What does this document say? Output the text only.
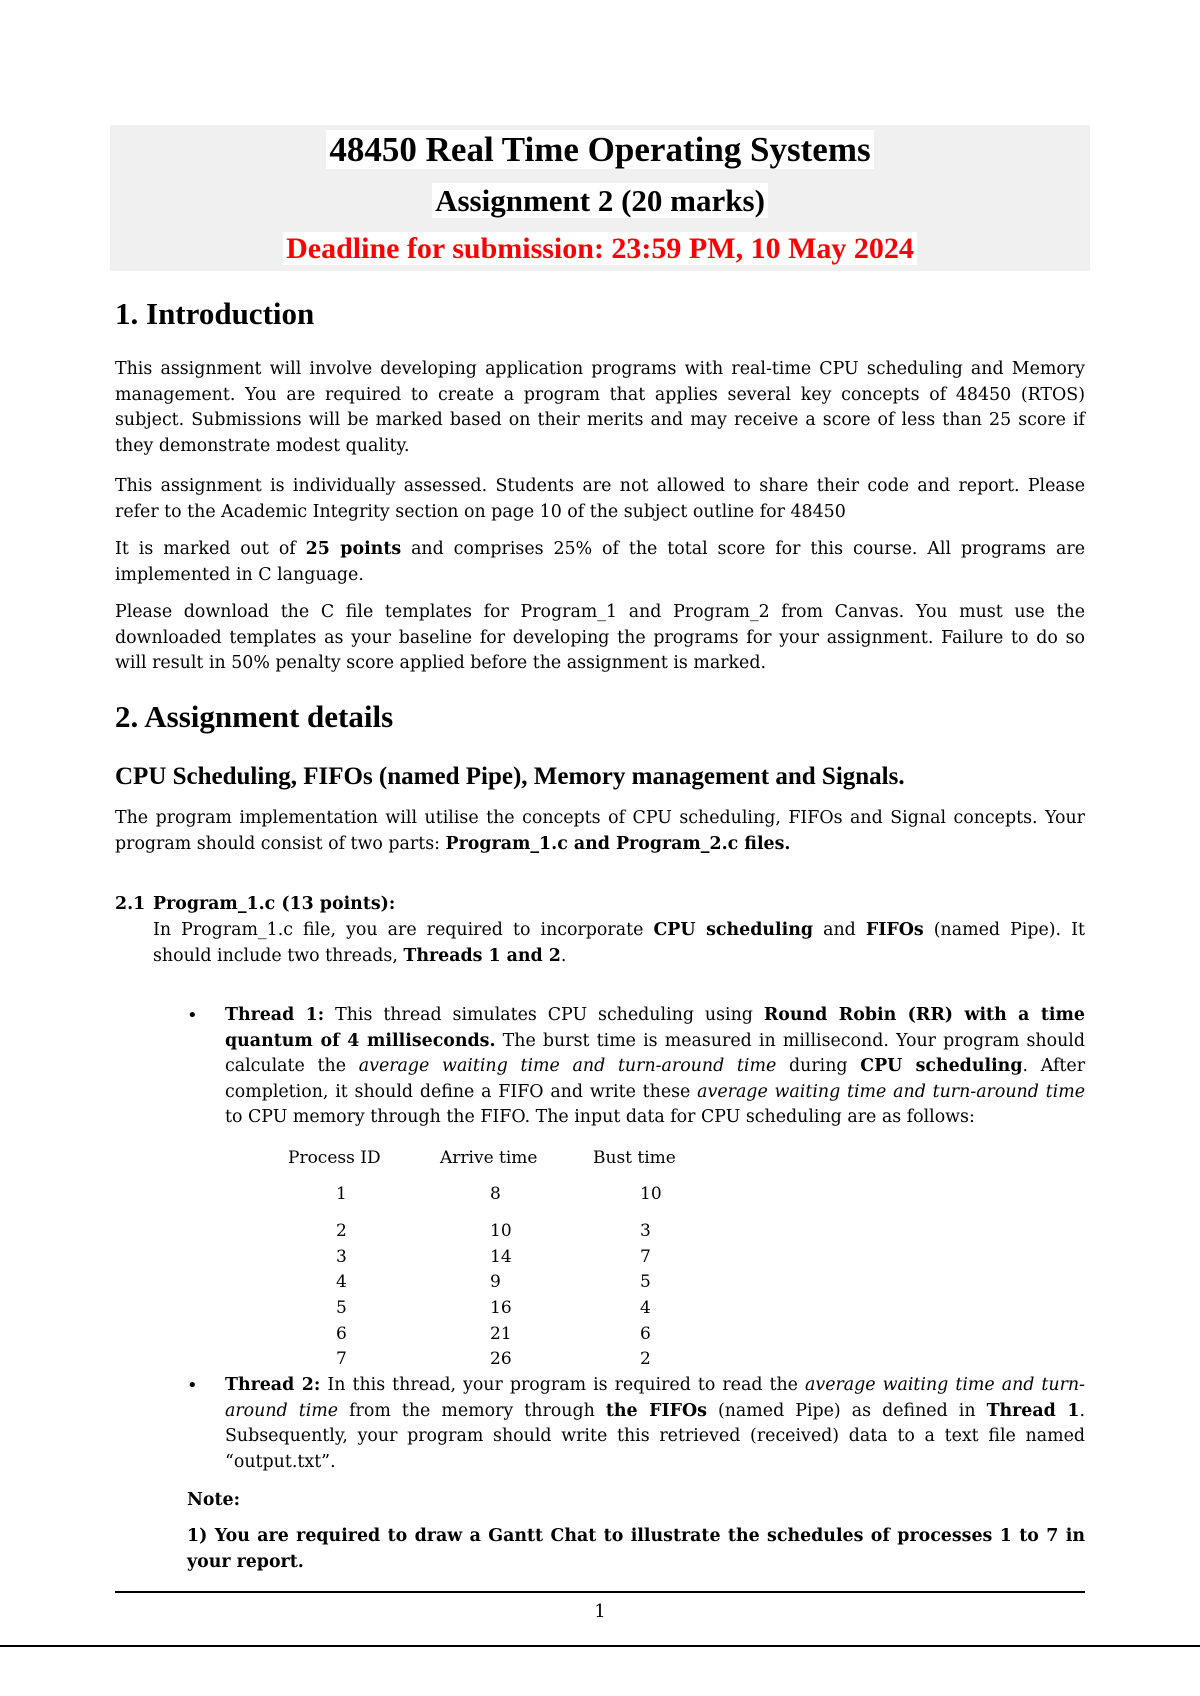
48450 Real Time Operating Systems
Assignment 2 (20 marks)
Deadline for submission: 23:59 PM, 10 May 2024
1. Introduction

This assignment will involve developing application programs with real-time CPU scheduling and Memory management. You are required to create a program that applies several key concepts of 48450 (RTOS) subject. Submissions will be marked based on their merits and may receive a score of less than 25 score if they demonstrate modest quality.

This assignment is individually assessed. Students are not allowed to share their code and report. Please refer to the Academic Integrity section on page 10 of the subject outline for 48450

It is marked out of 25 points and comprises 25% of the total score for this course. All programs are implemented in C language.

Please download the C file templates for Program_1 and Program_2 from Canvas. You must use the downloaded templates as your baseline for developing the programs for your assignment. Failure to do so will result in 50% penalty score applied before the assignment is marked.

2. Assignment details
CPU Scheduling, FIFOs (named Pipe), Memory management and Signals.

The program implementation will utilise the concepts of CPU scheduling, FIFOs and Signal concepts. Your program should consist of two parts: Program_1.c and Program_2.c files.

2.1 Program_1.c (13 points):

In Program_1.c file, you are required to incorporate CPU scheduling and FIFOs (named Pipe). It should include two threads, Threads 1 and 2.

•	Thread 1: This thread simulates CPU scheduling using Round Robin (RR) with a time quantum of 4 milliseconds. The burst time is measured in millisecond. Your program should calculate the average waiting time and turn-around time during CPU scheduling. After completion, it should define a FIFO and write these average waiting time and turn-around time to CPU memory through the FIFO. The input data for CPU scheduling are as follows:

Process ID	Arrive time	Bust time
1	8	10
2	10	3
3	14	7
4	9	5
5	16	4
6	21	6
7	26	2
•	Thread 2: In this thread, your program is required to read the average waiting time and turn-around time from the memory through the FIFOs (named Pipe) as defined in Thread 1. Subsequently, your program should write this retrieved (received) data to a text file named “output.txt”.

Note:

1) You are required to draw a Gantt Chat to illustrate the schedules of processes 1 to 7 in your report.

1
